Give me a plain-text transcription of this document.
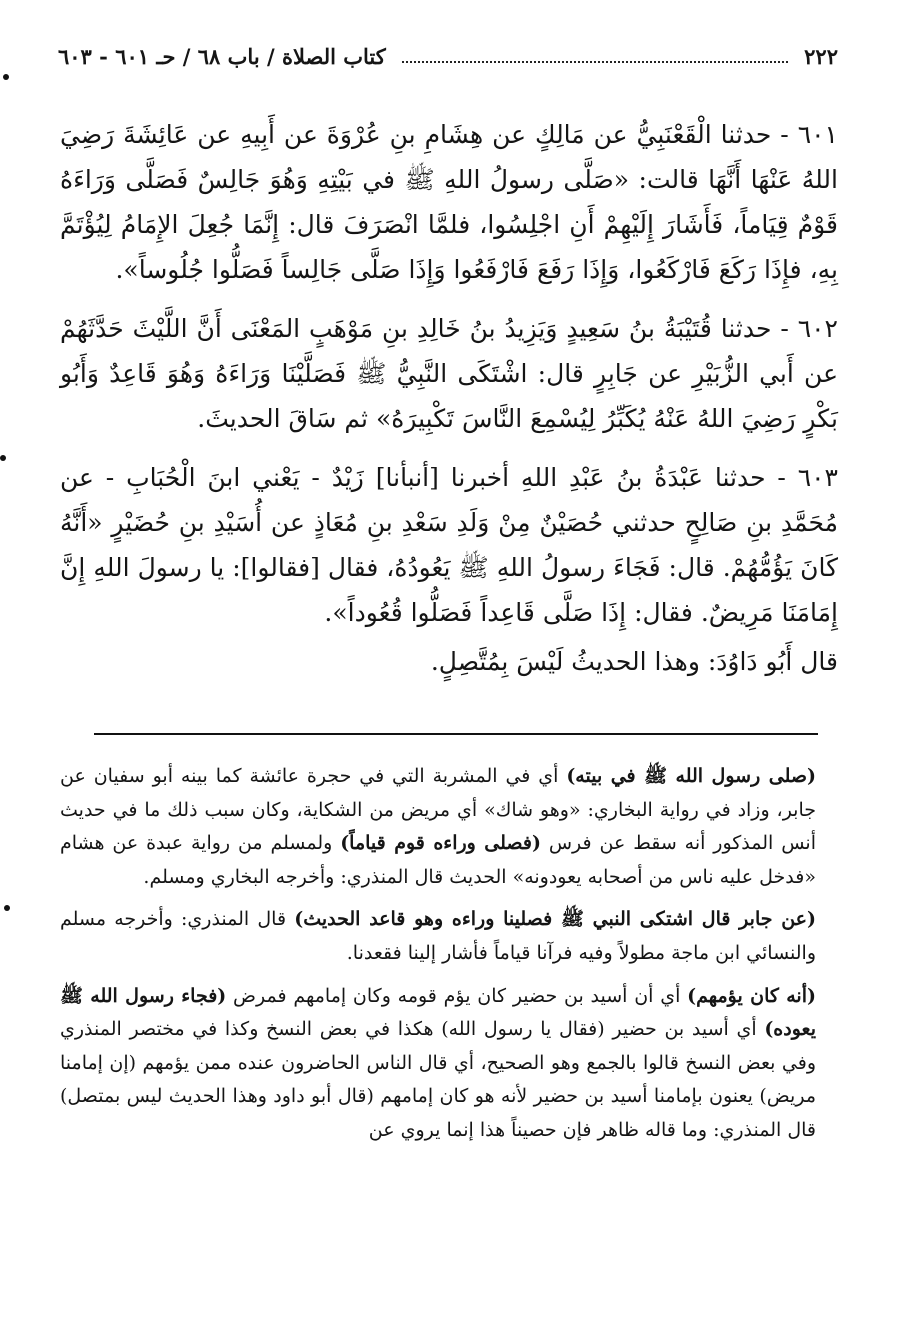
٢٢٢
كتاب الصلاة / باب ٦٨ / حـ ٦٠١ - ٦٠٣

٦٠١ - حدثنا الْقَعْنَبِيُّ عن مَالِكٍ عن هِشَامِ بنِ عُرْوَةَ عن أَبِيهِ عن عَائِشَةَ رَضِيَ اللهُ عَنْهَا أَنَّهَا قالت: «صَلَّى رسولُ اللهِ ﷺ في بَيْتِهِ وَهُوَ جَالِسٌ فَصَلَّى وَرَاءَهُ قَوْمٌ قِيَاماً، فَأَشَارَ إِلَيْهِمْ أَنِ اجْلِسُوا، فلمَّا انْصَرَفَ قال: إِنَّمَا جُعِلَ الإِمَامُ لِيُؤْتَمَّ بِهِ، فإِذَا رَكَعَ فَارْكَعُوا، وَإِذَا رَفَعَ فَارْفَعُوا وَإِذَا صَلَّى جَالِساً فَصَلُّوا جُلُوساً».

٦٠٢ - حدثنا قُتَيْبَةُ بنُ سَعِيدٍ وَيَزِيدُ بنُ خَالِدِ بنِ مَوْهَبٍ المَعْنَى أَنَّ اللَّيْثَ حَدَّثَهُمْ عن أَبي الزُّبَيْرِ عن جَابِرٍ قال: اشْتَكَى النَّبِيُّ ﷺ فَصَلَّيْنَا وَرَاءَهُ وَهُوَ قَاعِدٌ وَأَبُو بَكْرٍ رَضِيَ اللهُ عَنْهُ يُكَبِّرُ لِيُسْمِعَ النَّاسَ تَكْبِيرَهُ» ثم سَاقَ الحديثَ.

٦٠٣ - حدثنا عَبْدَةُ بنُ عَبْدِ اللهِ أخبرنا [أنبأنا] زَيْدٌ - يَعْني ابنَ الْحُبَابِ - عن مُحَمَّدِ بنِ صَالِحٍ حدثني حُصَيْنٌ مِنْ وَلَدِ سَعْدِ بنِ مُعَاذٍ عن أُسَيْدِ بنِ حُضَيْرٍ «أَنَّهُ كَانَ يَؤُمُّهُمْ. قال: فَجَاءَ رسولُ اللهِ ﷺ يَعُودُهُ، فقال [فقالوا]: يا رسولَ اللهِ إِنَّ إِمَامَنَا مَرِيضٌ. فقال: إِذَا صَلَّى قَاعِداً فَصَلُّوا قُعُوداً».

قال أَبُو دَاوُدَ: وهذا الحديثُ لَيْسَ بِمُتَّصِلٍ.

(صلى رسول الله ﷺ في بيته) أي في المشربة التي في حجرة عائشة كما بينه أبو سفيان عن جابر، وزاد في رواية البخاري: «وهو شاك» أي مريض من الشكاية، وكان سبب ذلك ما في حديث أنس المذكور أنه سقط عن فرس (فصلى وراءه قوم قياماً) ولمسلم من رواية عبدة عن هشام «فدخل عليه ناس من أصحابه يعودونه» الحديث قال المنذري: وأخرجه البخاري ومسلم.

(عن جابر قال اشتكى النبي ﷺ فصلينا وراءه وهو قاعد الحديث) قال المنذري: وأخرجه مسلم والنسائي ابن ماجة مطولاً وفيه فرآنا قياماً فأشار إلينا فقعدنا.

(أنه كان يؤمهم) أي أن أسيد بن حضير كان يؤم قومه وكان إمامهم فمرض (فجاء رسول الله ﷺ يعوده) أي أسيد بن حضير (فقال يا رسول الله) هكذا في بعض النسخ وكذا في مختصر المنذري وفي بعض النسخ قالوا بالجمع وهو الصحيح، أي قال الناس الحاضرون عنده ممن يؤمهم (إن إمامنا مريض) يعنون بإمامنا أسيد بن حضير لأنه هو كان إمامهم (قال أبو داود وهذا الحديث ليس بمتصل) قال المنذري: وما قاله ظاهر فإن حصيناً هذا إنما يروي عن
